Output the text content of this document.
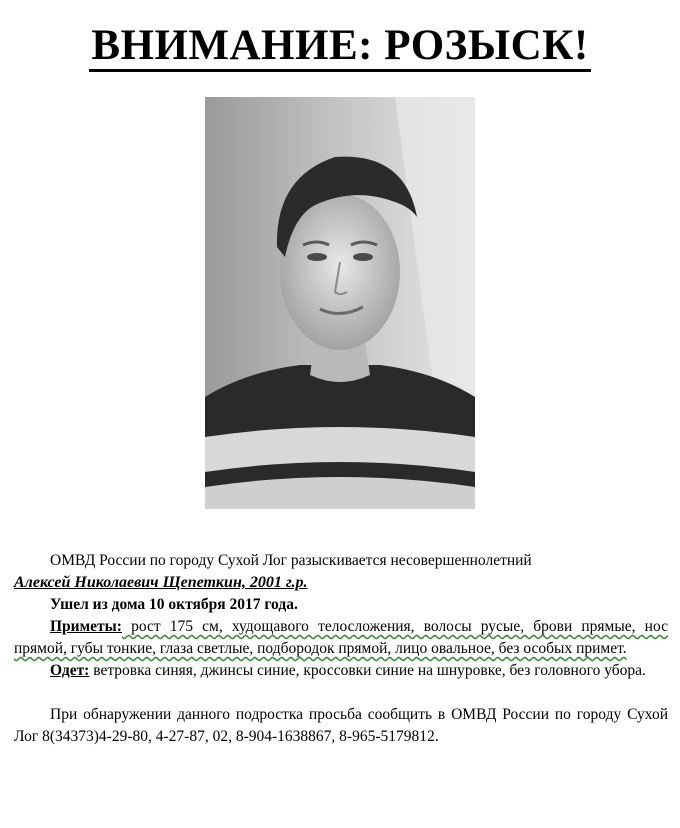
ВНИМАНИЕ: РОЗЫСК!

ОМВД России по городу Сухой Лог разыскивается несовершеннолетний

Алексей Николаевич Щепеткин, 2001 г.р.

Ушел из дома 10 октября 2017 года.

Приметы: рост 175 см, худощавого телосложения, волосы русые, брови прямые, нос прямой, губы тонкие, глаза светлые, подбородок прямой, лицо овальное, без особых примет.

Одет: ветровка синяя, джинсы синие, кроссовки синие на шнуровке, без головного убора.

При обнаружении данного подростка просьба сообщить в ОМВД России по городу Сухой Лог 8(34373)4-29-80, 4-27-87, 02, 8-904-1638867, 8-965-5179812.
